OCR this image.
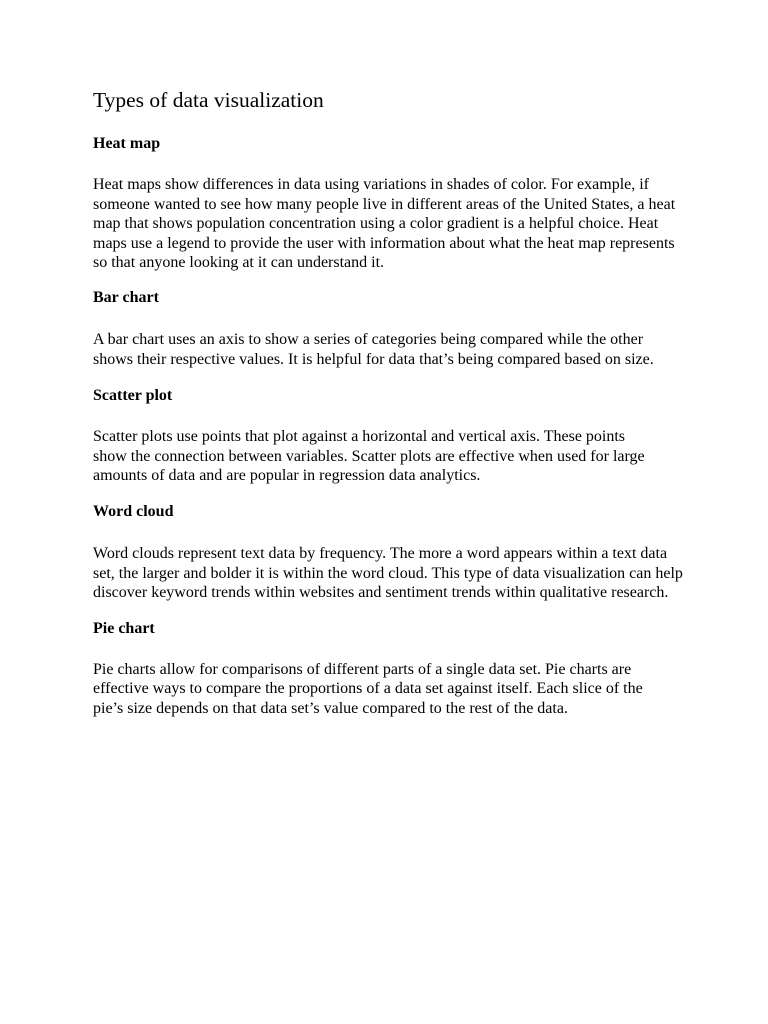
Types of data visualization
Heat map

Heat maps show differences in data using variations in shades of color. For example, if someone wanted to see how many people live in different areas of the United States, a heat map that shows population concentration using a color gradient is a helpful choice. Heat maps use a legend to provide the user with information about what the heat map represents so that anyone looking at it can understand it.

Bar chart

A bar chart uses an axis to show a series of categories being compared while the other shows their respective values. It is helpful for data that’s being compared based on size.

Scatter plot

Scatter plots use points that plot against a horizontal and vertical axis. These points show the connection between variables. Scatter plots are effective when used for large amounts of data and are popular in regression data analytics.

Word cloud

Word clouds represent text data by frequency. The more a word appears within a text data set, the larger and bolder it is within the word cloud. This type of data visualization can help discover keyword trends within websites and sentiment trends within qualitative research.

Pie chart

Pie charts allow for comparisons of different parts of a single data set. Pie charts are effective ways to compare the proportions of a data set against itself. Each slice of the pie’s size depends on that data set’s value compared to the rest of the data.
